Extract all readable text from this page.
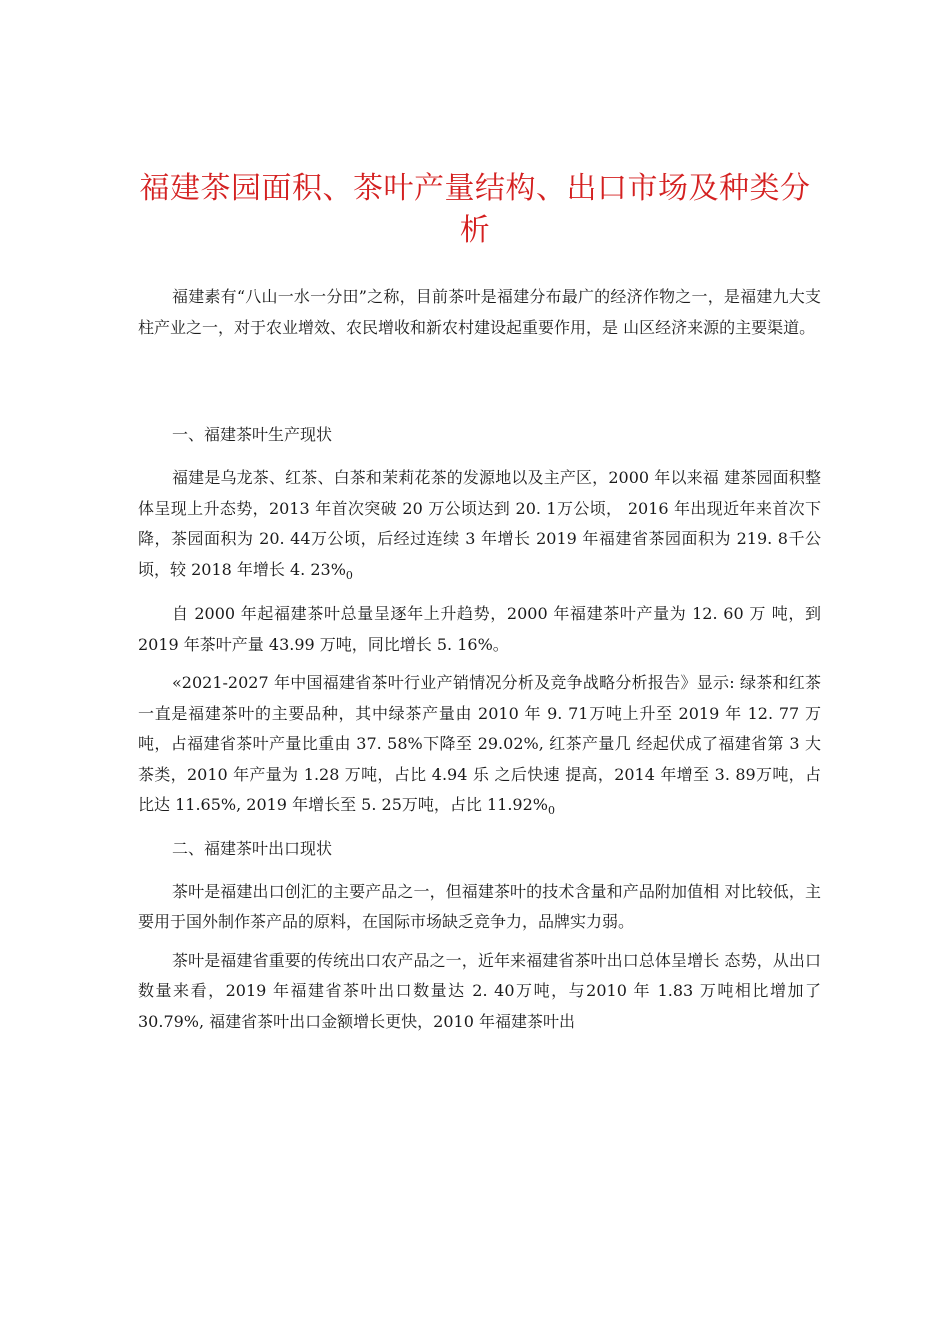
福建茶园面积、茶叶产量结构、出口市场及种类分析

福建素有“八山一水一分田”之称，目前茶叶是福建分布最广的经济作物之一，是福建九大支柱产业之一，对于农业增效、农民增收和新农村建设起重要作用，是 山区经济来源的主要渠道。

一、福建茶叶生产现状

福建是乌龙茶、红茶、白茶和茉莉花茶的发源地以及主产区，2000 年以来福 建茶园面积整体呈现上升态势，2013 年首次突破 20 万公顷达到 20. 1万公顷， 2016 年出现近年来首次下降，茶园面积为 20. 44万公顷，后经过连续 3 年增长 2019 年福建省茶园面积为 219. 8千公顷，较 2018 年增长 4. $23\%_0$

自 2000 年起福建茶叶总量呈逐年上升趋势，2000 年福建茶叶产量为 12. 60 万 吨，到 2019 年茶叶产量 43.99 万吨，同比增长 5. 16%。

«2021-2027 年中国福建省茶叶行业产销情况分析及竞争战略分析报告》显示: 绿茶和红茶一直是福建茶叶的主要品种，其中绿茶产量由 2010 年 9. 71万吨上升至 2019 年 12. 77 万吨，占福建省茶叶产量比重由 37. 58%下降至 29.02%, 红茶产量几 经起伏成了福建省第 3 大茶类，2010 年产量为 1.28 万吨，占比 4.94 乐 之后快速 提高，2014 年增至 3. 89万吨，占比达 11.65%, 2019 年增长至 5. 25万吨，占比 $11.92\%_0$

二、福建茶叶出口现状

茶叶是福建出口创汇的主要产品之一，但福建茶叶的技术含量和产品附加值相 对比较低，主要用于国外制作茶产品的原料，在国际市场缺乏竞争力，品牌实力弱。

茶叶是福建省重要的传统出口农产品之一，近年来福建省茶叶出口总体呈增长 态势，从出口数量来看，2019 年福建省茶叶出口数量达 2. 40万吨，与2010 年 1.83 万吨相比增加了 30.79%, 福建省茶叶出口金额增长更快，2010 年福建茶叶出
